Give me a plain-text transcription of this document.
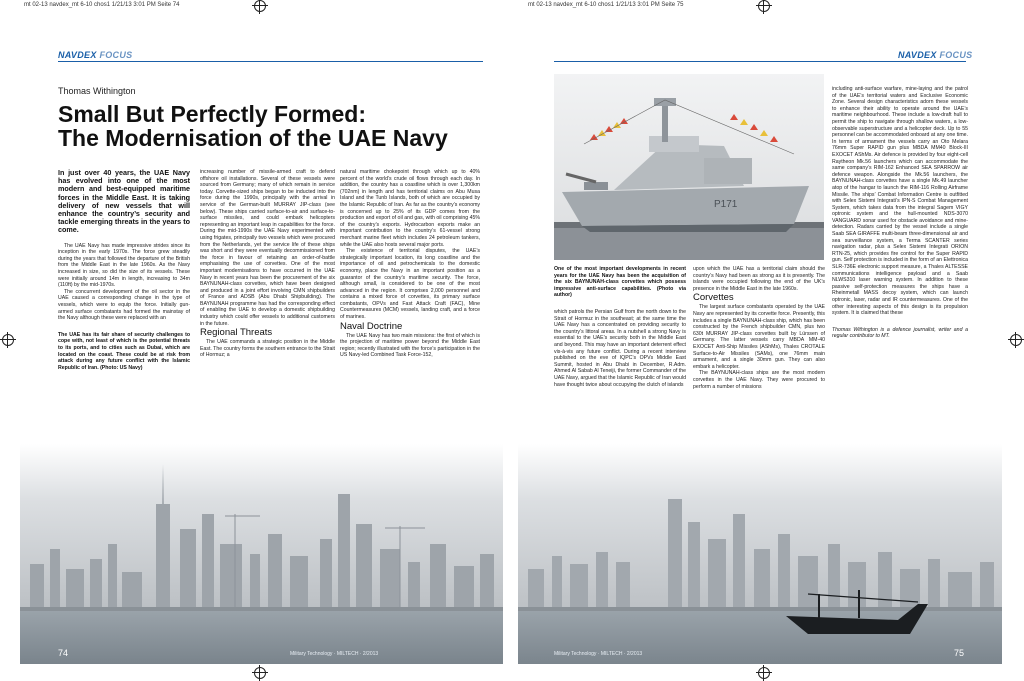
mt 02-13 navdex_mt 6-10 chos1 1/21/13 3:01 PM Seite 74	mt 02-13 navdex_mt 6-10 chos1 1/21/13 3:01 PM Seite 75
NAVDEX FOCUS
Thomas Withington
Small But Perfectly Formed:
The Modernisation of the UAE Navy

In just over 40 years, the UAE Navy has evolved into one of the most modern and best-equipped maritime forces in the Middle East. It is taking delivery of new vessels that will enhance the country’s security and tackle emerging threats in the years to come.

The UAE Navy has made impressive strides since its inception in the early 1970s. The force grew steadily during the years that followed the departure of the British from the Middle East in the late 1960s. As the Navy increased in size, so did the size of its vessels. These were initially around 14m in length, increasing to 34m (110ft) by the mid-1970s.

The concurrent development of the oil sector in the UAE caused a corresponding change in the type of vessels, which were to equip the force. Initially gun-armed surface combatants had formed the mainstay of the Navy although these were replaced with an

The UAE has its fair share of security challenges to cope with, not least of which is the potential threats to its ports, and to cities such as Dubai, which are located on the coast. These could be at risk from attack during any future conflict with the Islamic Republic of Iran. (Photo: US Navy)

increasing number of missile-armed craft to defend offshore oil installations. Several of these vessels were sourced from Germany; many of which remain in service today. Corvette-sized ships began to be inducted into the force during the 1990s, principally with the arrival in service of the German-built MURRAY JIP-class (see below). These ships carried surface-to-air and surface-to-surface missiles, and could embark helicopters representing an important leap in capabilities for the force. During the mid-1990s the UAE Navy experimented with using frigates, principally two vessels which were procured from the Netherlands, yet the service life of these ships was short and they were eventually decommissioned from the force in favour of retaining an order-of-battle emphasising the use of corvettes. One of the most important modernisations to have occurred in the UAE Navy in recent years has been the procurement of the six BAYNUNAH-class corvettes, which have been designed and produced in a joint effort involving CMN shipbuilders of France and ADSB (Abu Dhabi Shipbuilding). The BAYNUNAH programme has had the corresponding effect of enabling the UAE to develop a domestic shipbuilding industry which could offer vessels to additional customers in the future.

Regional Threats

The UAE commands a strategic position in the Middle East. The country forms the southern entrance to the Strait of Hormuz; a

natural maritime chokepoint through which up to 40% percent of the world’s crude oil flows through each day. In addition, the country has a coastline which is over 1,300km (702nm) in length and has territorial claims on Abu Musa Island and the Tunb Islands, both of which are occupied by the Islamic Republic of Iran. As far as the country’s economy is concerned up to 25% of its GDP comes from the production and export of oil and gas, with oil comprising 45% of the country’s exports. Hydrocarbon exports make an important contribution to the country’s 61-vessel strong merchant marine fleet which includes 24 petroleum tankers, while the UAE also hosts several major ports.

The existence of territorial disputes, the UAE’s strategically important location, its long coastline and the importance of oil and petrochemicals to the domestic economy, place the Navy in an important position as a guarantor of the country’s maritime security. The force, although small, is considered to be one of the most advanced in the region. It comprises 2,000 personnel and contains a mixed force of corvettes, its primary surface combatants, OPVs and Fast Attack Craft (FAC), Mine Countermeasures (MCM) vessels, landing craft, and a force of marines.

Naval Doctrine

The UAE Navy has two main missions: the first of which is the projection of maritime power beyond the Middle East region; recently illustrated with the force’s participation in the US Navy-led Combined Task Force-152,

74	Military Technology · MILTECH · 2/2013
NAVDEX FOCUS
P171

One of the most important developments in recent years for the UAE Navy has been the acquisition of the six BAYNUNAH-class corvettes which possess impressive anti-surface capabilities. (Photo via author)

which patrols the Persian Gulf from the north down to the Strait of Hormuz in the southeast; at the same time the UAE Navy has a concentrated on providing security to the country’s littoral areas. In a nutshell a strong Navy is essential to the UAE’s security both in the Middle East and beyond. This may have an important deterrent effect vis-à-vis any future conflict. During a recent interview published on the eve of IQPC’s OPVs Middle East Summit, hosted in Abu Dhabi in December, R.Adm. Ahmed Al Sabab Al Teneiji, the former Commander of the UAE Navy, argued that the Islamic Republic of Iran would have thought twice about occupying the clutch of islands

upon which the UAE has a territorial claim should the country’s Navy had been as strong as it is presently. The islands were occupied following the end of the UK’s presence in the Middle East in the late 1960s.

Corvettes

The largest surface combatants operated by the UAE Navy are represented by its corvette force. Presently, this includes a single BAYNUNAH-class ship, which has been constructed by the French shipbuilder CMN, plus two 630t MURRAY JIP-class corvettes built by Lürssen of Germany. The latter vessels carry MBDA MM-40 EXOCET Anti-Ship Missiles (AShMs), Thales CROTALE Surface-to-Air Missiles (SAMs), one 76mm main armament, and a single 30mm gun. They can also embark a helicopter.

The BAYNUNAH-class ships are the most modern corvettes in the UAE Navy. They were procured to perform a number of missions

including anti-surface warfare, mine-laying and the patrol of the UAE’s territorial waters and Exclusive Economic Zone. Several design characteristics adorn these vessels to enhance their ability to operate around the UAE’s maritime neighbourhood. These include a low-draft hull to permit the ship to navigate through shallow waters, a low-observable superstructure and a helicopter deck. Up to 55 personnel can be accommodated onboard at any one time. In terms of armament the vessels carry an Oto Melara 76mm Super RAPID gun plus MBDA MM40 Block-III EXOCET AShMs. Air defence is provided by four eight-cell Raytheon Mk.56 launchers which can accommodate the same company’s RIM-162 Enhanced SEA SPARROW air defence weapon. Alongside the Mk.56 launchers, the BAYNUNAH-class corvettes have a single Mk.49 launcher atop of the hangar to launch the RIM-116 Rolling Airframe Missile. The ships’ Combat Information Centre is outfitted with Selex Sistemi Integrati’s IPN-S Combat Management System, which takes data from the integral Sagem VIGY optronic system and the hull-mounted NDS-3070 VANGUARD sonar used for obstacle avoidance and mine-detection. Radars carried by the vessel include a single Saab SEA GIRAFFE multi-beam three-dimensional air and sea surveillance system, a Terma SCANTER series navigation radar, plus a Selex Sistemi Integrati ORION RTN-25, which provides fire control for the Super RAPID gun. Self protection is included in the form of an Elettronica SLR-736E electronic support measure, a Thales ALTESSE communications intelligence payload and a Saab NLWS310 laser warning system. In addition to these passive self-protection measures the ships have a Rheinmetall MASS decoy system, which can launch optronic, laser, radar and IR countermeasures. One of the other interesting aspects of this design is its propulsion system. It is claimed that these

Thomas Withington is a defence journalist, writer and a regular contributor to MT.

75
Military Technology · MILTECH · 2/2013
